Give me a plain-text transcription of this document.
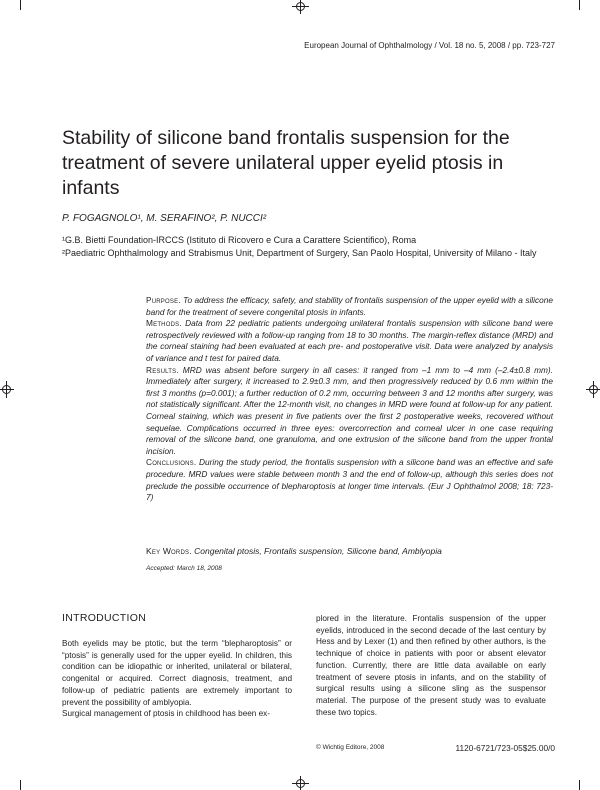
European Journal of Ophthalmology / Vol. 18 no. 5, 2008 / pp. 723-727
Stability of silicone band frontalis suspension for the treatment of severe unilateral upper eyelid ptosis in infants
P. FOGAGNOLO¹, M. SERAFINO², P. NUCCI²
¹G.B. Bietti Foundation-IRCCS (Istituto di Ricovero e Cura a Carattere Scientifico), Roma
²Paediatric Ophthalmology and Strabismus Unit, Department of Surgery, San Paolo Hospital, University of Milano - Italy

Purpose. To address the efficacy, safety, and stability of frontalis suspension of the upper eyelid with a silicone band for the treatment of severe congenital ptosis in infants.

Methods. Data from 22 pediatric patients undergoing unilateral frontalis suspension with silicone band were retrospectively reviewed with a follow-up ranging from 18 to 30 months. The margin-reflex distance (MRD) and the corneal staining had been evaluated at each pre- and postoperative visit. Data were analyzed by analysis of variance and t test for paired data.

Results. MRD was absent before surgery in all cases: it ranged from –1 mm to –4 mm (–2.4±0.8 mm). Immediately after surgery, it increased to 2.9±0.3 mm, and then progressively reduced by 0.6 mm within the first 3 months (p=0.001); a further reduction of 0.2 mm, occurring between 3 and 12 months after surgery, was not statistically significant. After the 12-month visit, no changes in MRD were found at follow-up for any patient. Corneal staining, which was present in five patients over the first 2 postoperative weeks, recovered without sequelae. Complications occurred in three eyes: overcorrection and corneal ulcer in one case requiring removal of the silicone band, one granuloma, and one extrusion of the silicone band from the upper frontal incision.

Conclusions. During the study period, the frontalis suspension with a silicone band was an effective and safe procedure. MRD values were stable between month 3 and the end of follow-up, although this series does not preclude the possible occurrence of blepharoptosis at longer time intervals. (Eur J Ophthalmol 2008; 18: 723-7)

Key Words. Congenital ptosis, Frontalis suspension, Silicone band, Amblyopia
Accepted: March 18, 2008
INTRODUCTION

Both eyelids may be ptotic, but the term “blepharoptosis” or “ptosis” is generally used for the upper eyelid. In children, this condition can be idiopathic or inherited, unilateral or bilateral, congenital or acquired. Correct diagnosis, treatment, and follow-up of pediatric patients are extremely important to prevent the possibility of amblyopia.

Surgical management of ptosis in childhood has been ex-

plored in the literature. Frontalis suspension of the upper eyelids, introduced in the second decade of the last century by Hess and by Lexer (1) and then refined by other authors, is the technique of choice in patients with poor or absent elevator function. Currently, there are little data available on early treatment of severe ptosis in infants, and on the stability of surgical results using a silicone sling as the suspensor material. The purpose of the present study was to evaluate these two topics.

© Wichtig Editore, 2008	1120-6721/723-05$25.00/0
